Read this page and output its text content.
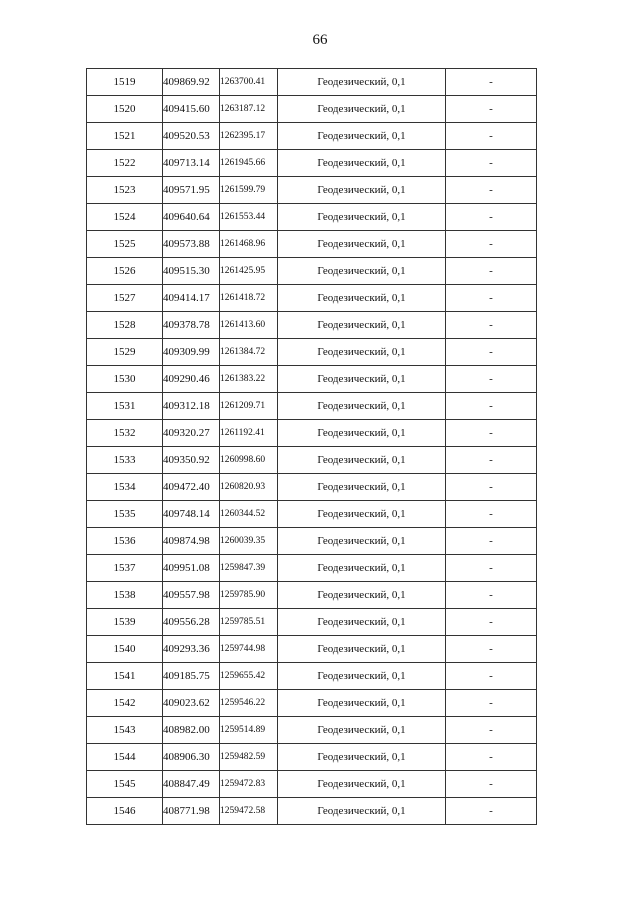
66
1519	409869.92	1263700.41	Геодезический, 0,1	-
1520	409415.60	1263187.12	Геодезический, 0,1	-
1521	409520.53	1262395.17	Геодезический, 0,1	-
1522	409713.14	1261945.66	Геодезический, 0,1	-
1523	409571.95	1261599.79	Геодезический, 0,1	-
1524	409640.64	1261553.44	Геодезический, 0,1	-
1525	409573.88	1261468.96	Геодезический, 0,1	-
1526	409515.30	1261425.95	Геодезический, 0,1	-
1527	409414.17	1261418.72	Геодезический, 0,1	-
1528	409378.78	1261413.60	Геодезический, 0,1	-
1529	409309.99	1261384.72	Геодезический, 0,1	-
1530	409290.46	1261383.22	Геодезический, 0,1	-
1531	409312.18	1261209.71	Геодезический, 0,1	-
1532	409320.27	1261192.41	Геодезический, 0,1	-
1533	409350.92	1260998.60	Геодезический, 0,1	-
1534	409472.40	1260820.93	Геодезический, 0,1	-
1535	409748.14	1260344.52	Геодезический, 0,1	-
1536	409874.98	1260039.35	Геодезический, 0,1	-
1537	409951.08	1259847.39	Геодезический, 0,1	-
1538	409557.98	1259785.90	Геодезический, 0,1	-
1539	409556.28	1259785.51	Геодезический, 0,1	-
1540	409293.36	1259744.98	Геодезический, 0,1	-
1541	409185.75	1259655.42	Геодезический, 0,1	-
1542	409023.62	1259546.22	Геодезический, 0,1	-
1543	408982.00	1259514.89	Геодезический, 0,1	-
1544	408906.30	1259482.59	Геодезический, 0,1	-
1545	408847.49	1259472.83	Геодезический, 0,1	-
1546	408771.98	1259472.58	Геодезический, 0,1	-
